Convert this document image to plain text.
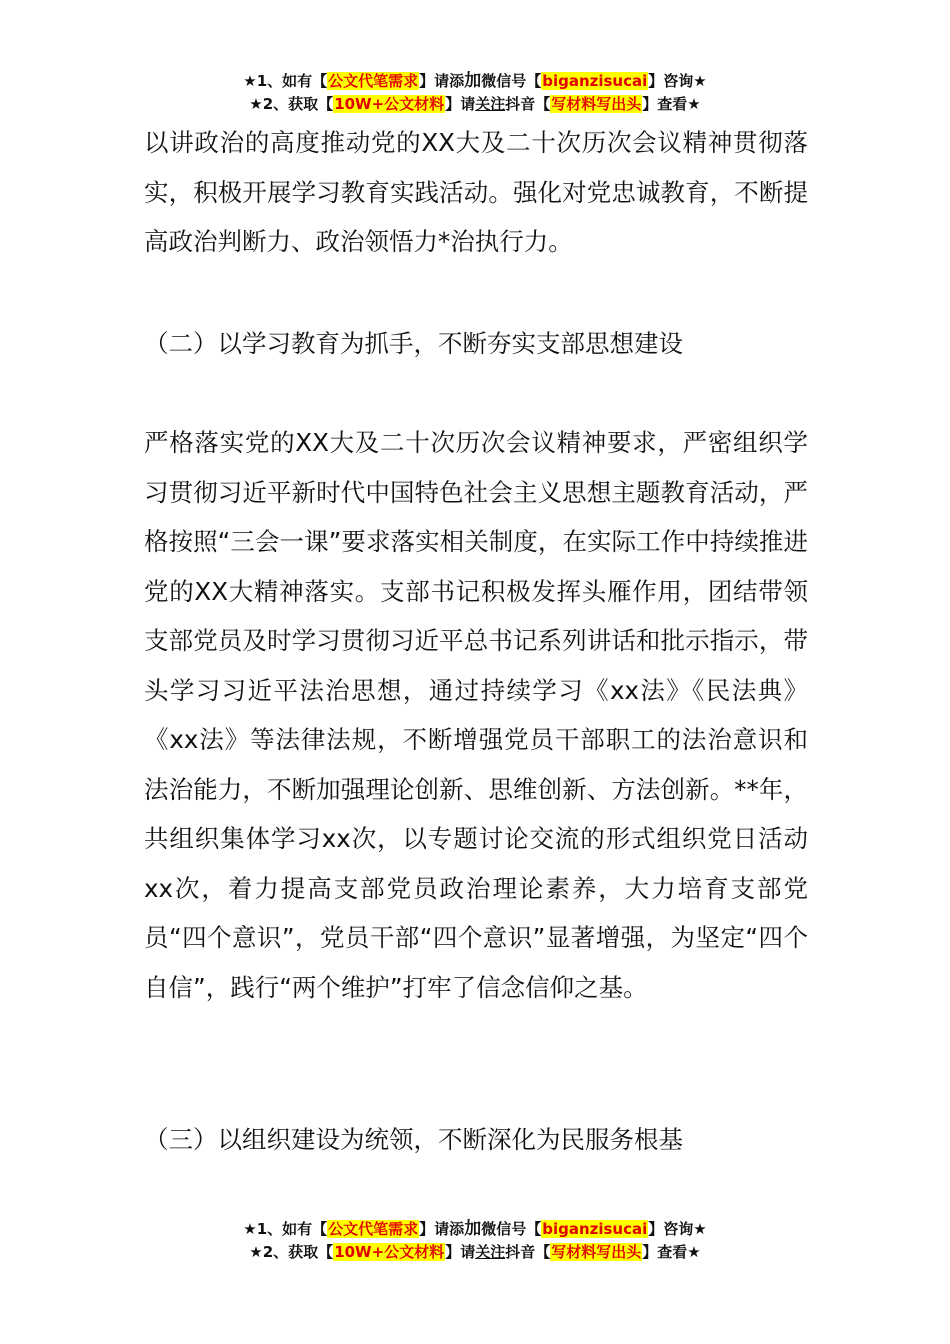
★1、如有【公文代笔需求】请添加微信号【biganzisucai】咨询★
★2、获取【10W+公文材料】请关注抖音【写材料写出头】查看★

以讲政治的高度推动党的XX大及二十次历次会议精神贯彻落实，积极开展学习教育实践活动。强化对党忠诚教育，不断提高政治判断力、政治领悟力*治执行力。

（二）以学习教育为抓手，不断夯实支部思想建设

严格落实党的XX大及二十次历次会议精神要求，严密组织学习贯彻习近平新时代中国特色社会主义思想主题教育活动，严格按照“三会一课”要求落实相关制度，在实际工作中持续推进党的XX大精神落实。支部书记积极发挥头雁作用，团结带领支部党员及时学习贯彻习近平总书记系列讲话和批示指示，带头学习习近平法治思想，通过持续学习《xx法》《民法典》《xx法》等法律法规，不断增强党员干部职工的法治意识和法治能力，不断加强理论创新、思维创新、方法创新。**年，共组织集体学习xx次，以专题讨论交流的形式组织党日活动xx次，着力提高支部党员政治理论素养，大力培育支部党员“四个意识”，党员干部“四个意识”显著增强，为坚定“四个自信”，践行“两个维护”打牢了信念信仰之基。

（三）以组织建设为统领，不断深化为民服务根基

★1、如有【公文代笔需求】请添加微信号【biganzisucai】咨询★
★2、获取【10W+公文材料】请关注抖音【写材料写出头】查看★
